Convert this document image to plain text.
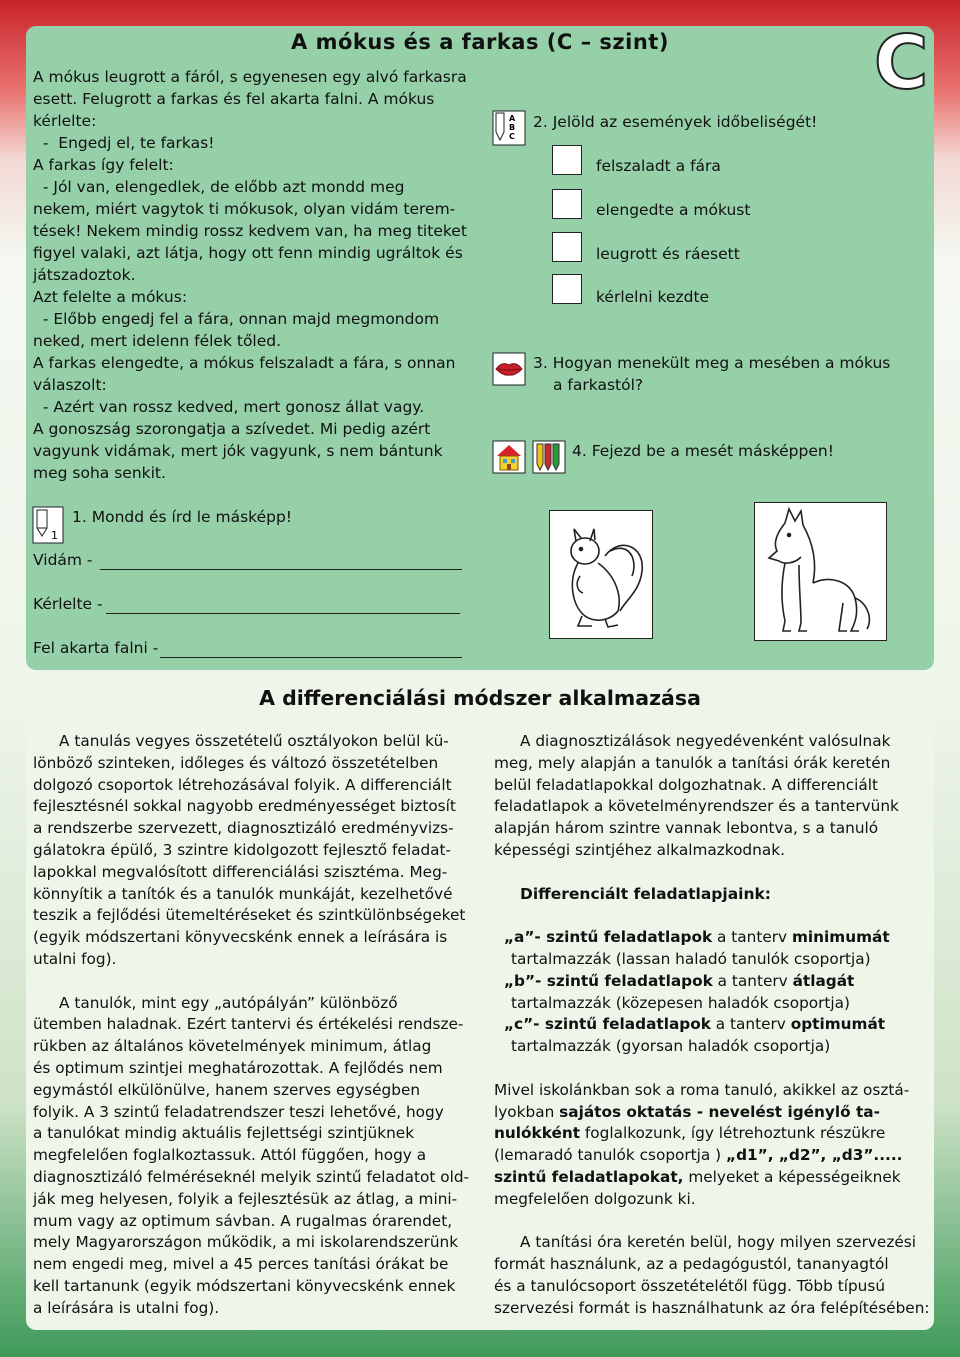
A mókus és a farkas (C – szint)	C
A mókus leugrott a fáról, s egyenesen egy alvó farkasra
esett. Felugrott a farkas és fel akarta falni. A mókus
kérlelte:
-  Engedj el, te farkas!
A farkas így felelt:
- Jól van, elengedlek, de előbb azt mondd meg
nekem, miért vagytok ti mókusok, olyan vidám terem-
tések! Nekem mindig rossz kedvem van, ha meg titeket
figyel valaki, azt látja, hogy ott fenn mindig ugráltok és
játszadoztok.
Azt felelte a mókus:
- Előbb engedj fel a fára, onnan majd megmondom
neked, mert idelenn félek tőled.
A farkas elengedte, a mókus felszaladt a fára, s onnan
válaszolt:
- Azért van rossz kedved, mert gonosz állat vagy.
A gonoszság szorongatja a szívedet. Mi pedig azért
vagyunk vidámak, mert jók vagyunk, s nem bántunk
meg soha senkit.
1
1. Mondd és írd le másképp!
Vidám -
Kérlelte -
Fel akarta falni -
A
B
C
2. Jelöld az események időbeliségét!
felszaladt a fára
elengedte a mókust
leugrott és ráesett
kérlelni kezdte
3. Hogyan menekült meg a mesében a mókus
a farkastól?
4. Fejezd be a mesét másképpen!
A differenciálási módszer alkalmazása
A tanulás vegyes összetételű osztályokon belül kü-
lönböző szinteken, időleges és változó összetételben
dolgozó csoportok létrehozásával folyik. A differenciált
fejlesztésnél sokkal nagyobb eredményességet biztosít
a rendszerbe szervezett, diagnosztizáló eredményvizs-
gálatokra épülő, 3 szintre kidolgozott fejlesztő feladat-
lapokkal megvalósított differenciálási szisztéma. Meg-
könnyítik a tanítók és a tanulók munkáját, kezelhetővé
teszik a fejlődési ütemeltéréseket és szintkülönbségeket
(egyik módszertani könyvecskénk ennek a leírására is
utalni fog).
A tanulók, mint egy „autópályán” különböző
ütemben haladnak. Ezért tantervi és értékelési rendsze-
rükben az általános követelmények minimum, átlag
és optimum szintjei meghatározottak. A fejlődés nem
egymástól elkülönülve, hanem szerves egységben
folyik. A 3 szintű feladatrendszer teszi lehetővé, hogy
a tanulókat mindig aktuális fejlettségi szintjüknek
megfelelően foglalkoztassuk. Attól függően, hogy a
diagnosztizáló felméréseknél melyik szintű feladatot old-
ják meg helyesen, folyik a fejlesztésük az átlag, a mini-
mum vagy az optimum sávban. A rugalmas órarendet,
mely Magyarországon működik, a mi iskolarendszerünk
nem engedi meg, mivel a 45 perces tanítási órákat be
kell tartanunk (egyik módszertani könyvecskénk ennek
a leírására is utalni fog).
A diagnosztizálások negyedévenként valósulnak
meg, mely alapján a tanulók a tanítási órák keretén
belül feladatlapokkal dolgozhatnak. A differenciált
feladatlapok a követelményrendszer és a tantervünk
alapján három szintre vannak lebontva, s a tanuló
képességi szintjéhez alkalmazkodnak.
Differenciált feladatlapjaink:
„a”- szintű feladatlapok a tanterv minimumát
tartalmazzák (lassan haladó tanulók csoportja)
„b”- szintű feladatlapok a tanterv átlagát
tartalmazzák (közepesen haladók csoportja)
„c”- szintű feladatlapok a tanterv optimumát
tartalmazzák (gyorsan haladók csoportja)
Mivel iskolánkban sok a roma tanuló, akikkel az osztá-
lyokban sajátos oktatás - nevelést igénylő ta-
nulókként foglalkozunk, így létrehoztunk részükre
(lemaradó tanulók csoportja ) „d1”, „d2”, „d3”.....
szintű feladatlapokat, melyeket a képességeiknek
megfelelően dolgozunk ki.
A tanítási óra keretén belül, hogy milyen szervezési
formát használunk, az a pedagógustól, tananyagtól
és a tanulócsoport összetételétől függ. Több típusú
szervezési formát is használhatunk az óra felépítésében:
